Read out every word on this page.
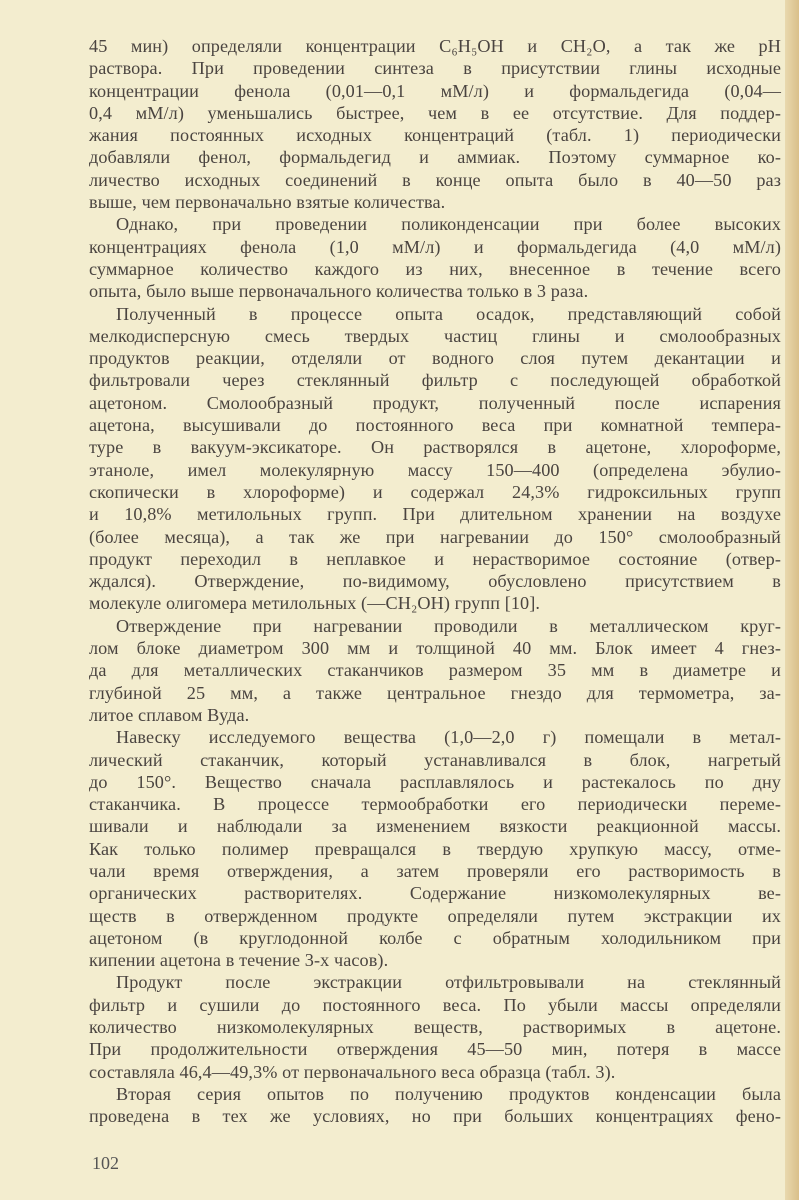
45 мин) определяли концентрации C₆H₅OH и CH₂O, а так же pH
раствора. При проведении синтеза в присутствии глины исходные
концентрации фенола (0,01—0,1 мМ/л) и формальдегида (0,04—
0,4 мМ/л) уменьшались быстрее, чем в ее отсутствие. Для поддер-
жания постоянных исходных концентраций (табл. 1) периодически
добавляли фенол, формальдегид и аммиак. Поэтому суммарное ко-
личество исходных соединений в конце опыта было в 40—50 раз
выше, чем первоначально взятые количества.
Однако, при проведении поликонденсации при более высоких
концентрациях фенола (1,0 мМ/л) и формальдегида (4,0 мМ/л)
суммарное количество каждого из них, внесенное в течение всего
опыта, было выше первоначального количества только в 3 раза.
Полученный в процессе опыта осадок, представляющий собой
мелкодисперсную смесь твердых частиц глины и смолообразных
продуктов реакции, отделяли от водного слоя путем декантации и
фильтровали через стеклянный фильтр с последующей обработкой
ацетоном. Смолообразный продукт, полученный после испарения
ацетона, высушивали до постоянного веса при комнатной темпера-
туре в вакуум-эксикаторе. Он растворялся в ацетоне, хлороформе,
этаноле, имел молекулярную массу 150—400 (определена эбулио-
скопически в хлороформе) и содержал 24,3% гидроксильных групп
и 10,8% метилольных групп. При длительном хранении на воздухе
(более месяца), а так же при нагревании до 150° смолообразный
продукт переходил в неплавкое и нерастворимое состояние (отвер-
ждался). Отверждение, по-видимому, обусловлено присутствием в
молекуле олигомера метилольных (—CH₂OH) групп [10].
Отверждение при нагревании проводили в металлическом круг-
лом блоке диаметром 300 мм и толщиной 40 мм. Блок имеет 4 гнез-
да для металлических стаканчиков размером 35 мм в диаметре и
глубиной 25 мм, а также центральное гнездо для термометра, за-
литое сплавом Вуда.
Навеску исследуемого вещества (1,0—2,0 г) помещали в метал-
лический стаканчик, который устанавливался в блок, нагретый
до 150°. Вещество сначала расплавлялось и растекалось по дну
стаканчика. В процессе термообработки его периодически переме-
шивали и наблюдали за изменением вязкости реакционной массы.
Как только полимер превращался в твердую хрупкую массу, отме-
чали время отверждения, а затем проверяли его растворимость в
органических растворителях. Содержание низкомолекулярных ве-
ществ в отвержденном продукте определяли путем экстракции их
ацетоном (в круглодонной колбе с обратным холодильником при
кипении ацетона в течение 3-х часов).
Продукт после экстракции отфильтровывали на стеклянный
фильтр и сушили до постоянного веса. По убыли массы определяли
количество низкомолекулярных веществ, растворимых в ацетоне.
При продолжительности отверждения 45—50 мин, потеря в массе
составляла 46,4—49,3% от первоначального веса образца (табл. 3).
Вторая серия опытов по получению продуктов конденсации была
проведена в тех же условиях, но при больших концентрациях фено-
102
